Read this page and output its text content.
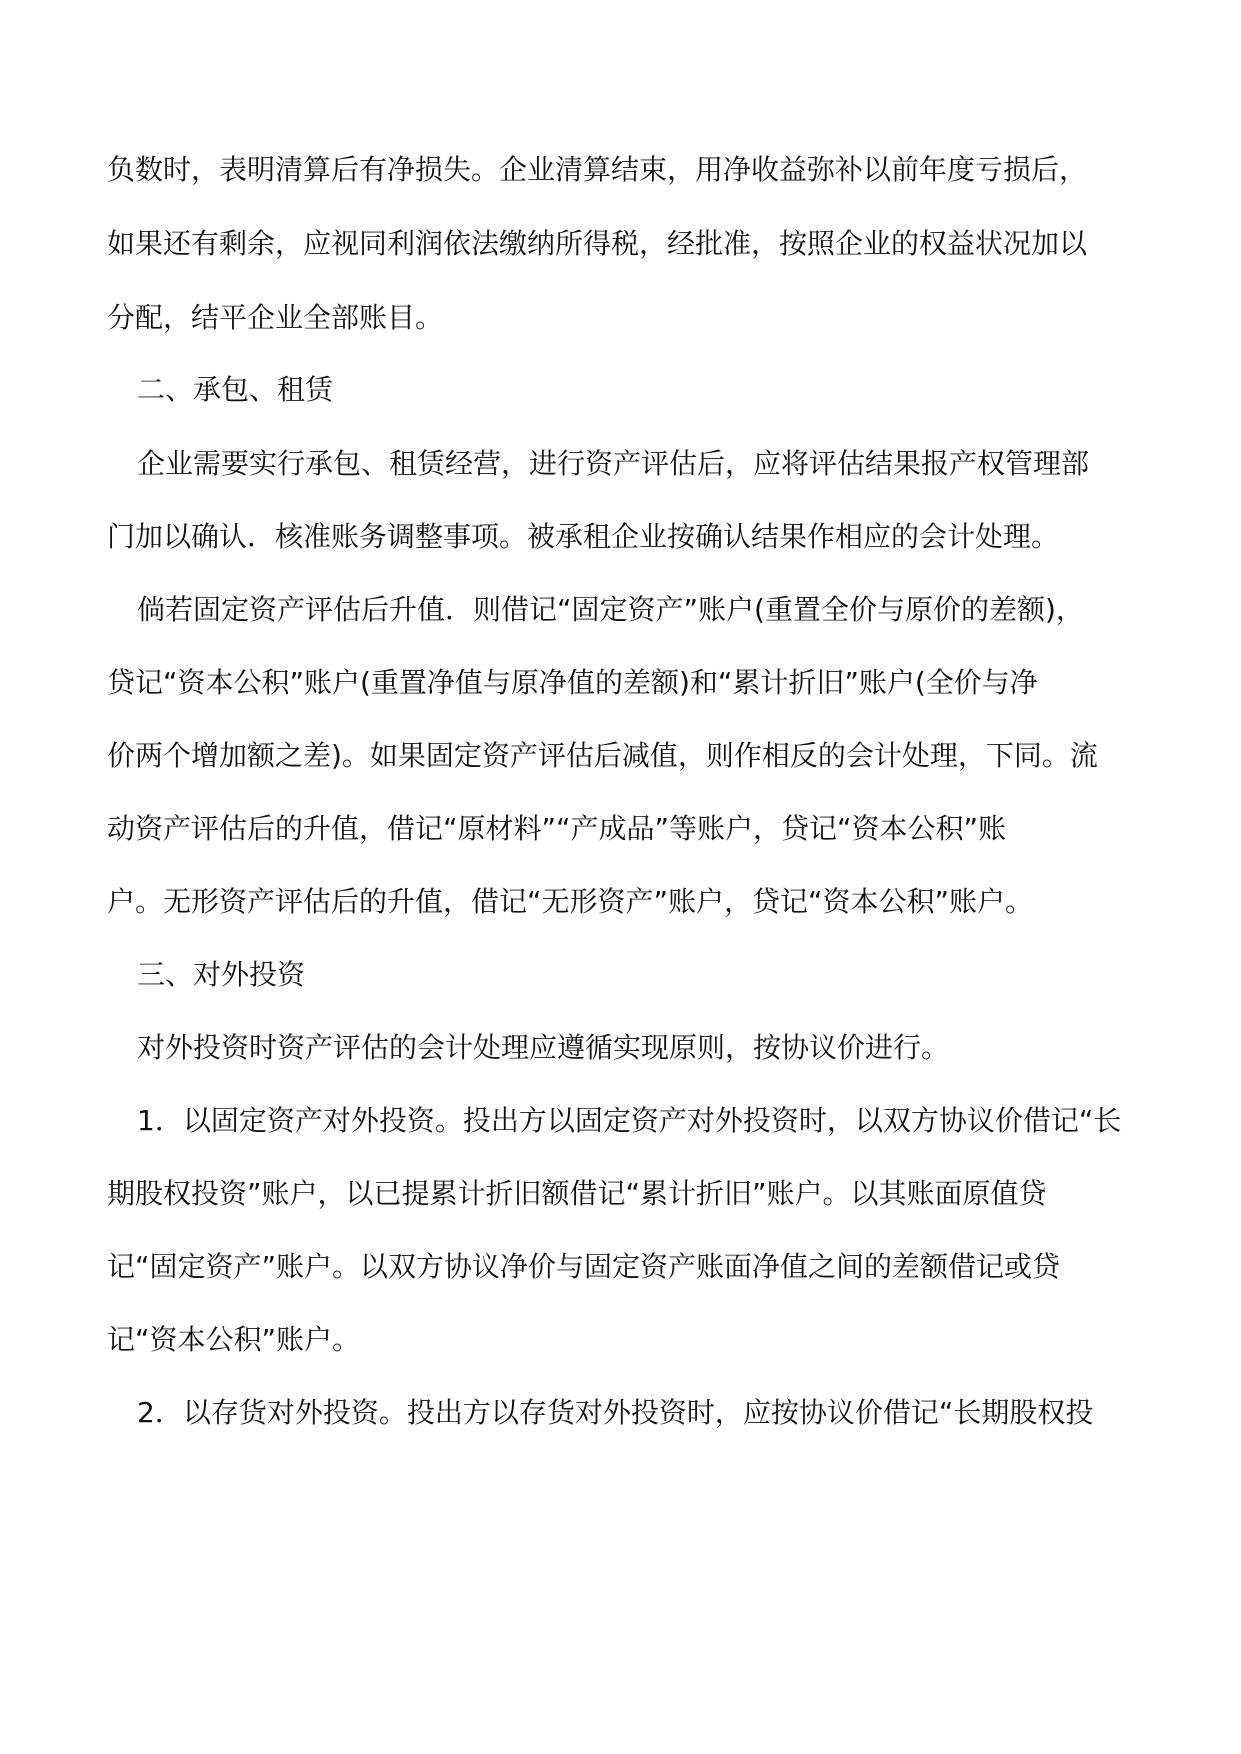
负数时，表明清算后有净损失。企业清算结束，用净收益弥补以前年度亏损后，
如果还有剩余，应视同利润依法缴纳所得税，经批准，按照企业的权益状况加以
分配，结平企业全部账目。
二、承包、租赁
企业需要实行承包、租赁经营，进行资产评估后，应将评估结果报产权管理部
门加以确认．核准账务调整事项。被承租企业按确认结果作相应的会计处理。
倘若固定资产评估后升值．则借记“固定资产”账户(重置全价与原价的差额)，
贷记“资本公积”账户(重置净值与原净值的差额)和“累计折旧”账户(全价与净
价两个增加额之差)。如果固定资产评估后减值，则作相反的会计处理，下同。流
动资产评估后的升值，借记“原材料”“产成品”等账户，贷记“资本公积”账
户。无形资产评估后的升值，借记“无形资产”账户，贷记“资本公积”账户。
三、对外投资
对外投资时资产评估的会计处理应遵循实现原则，按协议价进行。
1．以固定资产对外投资。投出方以固定资产对外投资时，以双方协议价借记“长
期股权投资”账户，以已提累计折旧额借记“累计折旧”账户。以其账面原值贷
记“固定资产”账户。以双方协议净价与固定资产账面净值之间的差额借记或贷
记“资本公积”账户。
2．以存货对外投资。投出方以存货对外投资时，应按协议价借记“长期股权投
